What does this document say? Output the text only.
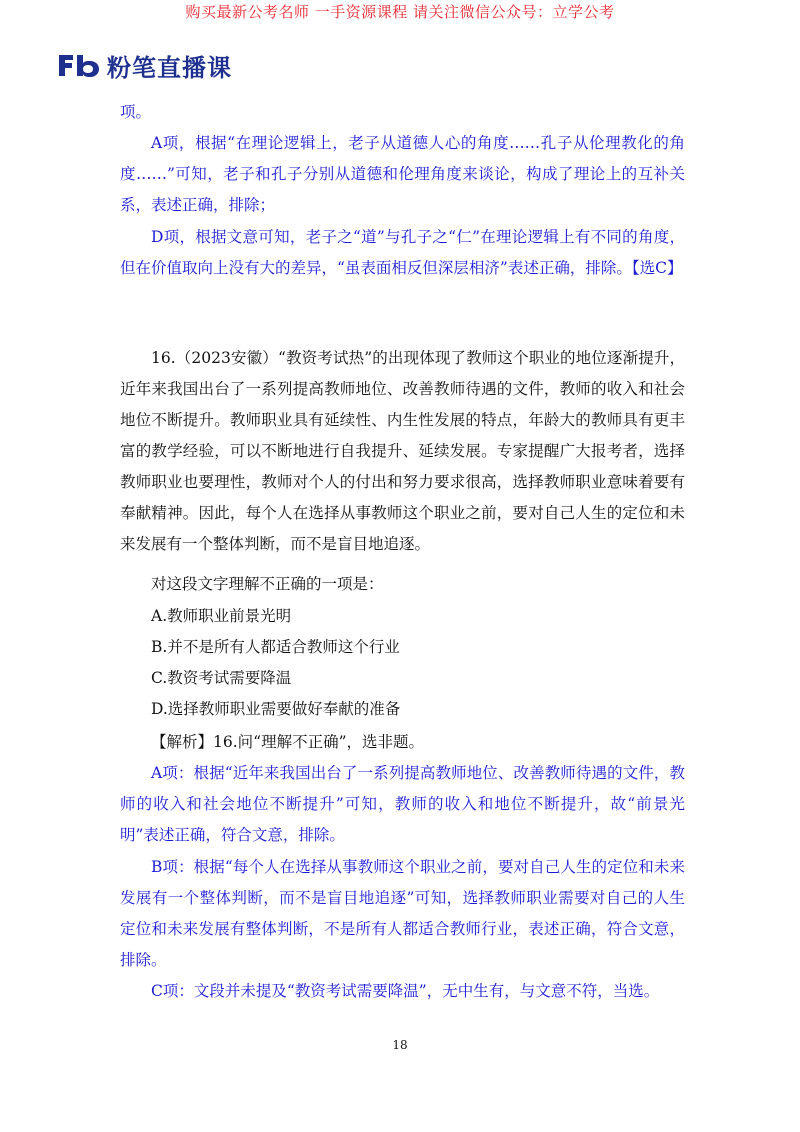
购买最新公考名师 一手资源课程 请关注微信公众号：立学公考
粉笔直播课
项。
A项，根据“在理论逻辑上，老子从道德人心的角度……孔子从伦理教化的角度……”可知，老子和孔子分别从道德和伦理角度来谈论，构成了理论上的互补关系，表述正确，排除；
D项，根据文意可知，老子之“道”与孔子之“仁”在理论逻辑上有不同的角度，但在价值取向上没有大的差异，“虽表面相反但深层相济”表述正确，排除。【选C】
16.（2023安徽）“教资考试热”的出现体现了教师这个职业的地位逐渐提升，近年来我国出台了一系列提高教师地位、改善教师待遇的文件，教师的收入和社会地位不断提升。教师职业具有延续性、内生性发展的特点，年龄大的教师具有更丰富的教学经验，可以不断地进行自我提升、延续发展。专家提醒广大报考者，选择教师职业也要理性，教师对个人的付出和努力要求很高，选择教师职业意味着要有奉献精神。因此，每个人在选择从事教师这个职业之前，要对自己人生的定位和未来发展有一个整体判断，而不是盲目地追逐。
对这段文字理解不正确的一项是：
A.教师职业前景光明
B.并不是所有人都适合教师这个行业
C.教资考试需要降温
D.选择教师职业需要做好奉献的准备
【解析】16.问“理解不正确”，选非题。
A项：根据“近年来我国出台了一系列提高教师地位、改善教师待遇的文件，教师的收入和社会地位不断提升”可知，教师的收入和地位不断提升，故“前景光明”表述正确，符合文意，排除。
B项：根据“每个人在选择从事教师这个职业之前，要对自己人生的定位和未来发展有一个整体判断，而不是盲目地追逐”可知，选择教师职业需要对自己的人生定位和未来发展有整体判断，不是所有人都适合教师行业，表述正确，符合文意，排除。
C项：文段并未提及“教资考试需要降温”，无中生有，与文意不符，当选。
18
